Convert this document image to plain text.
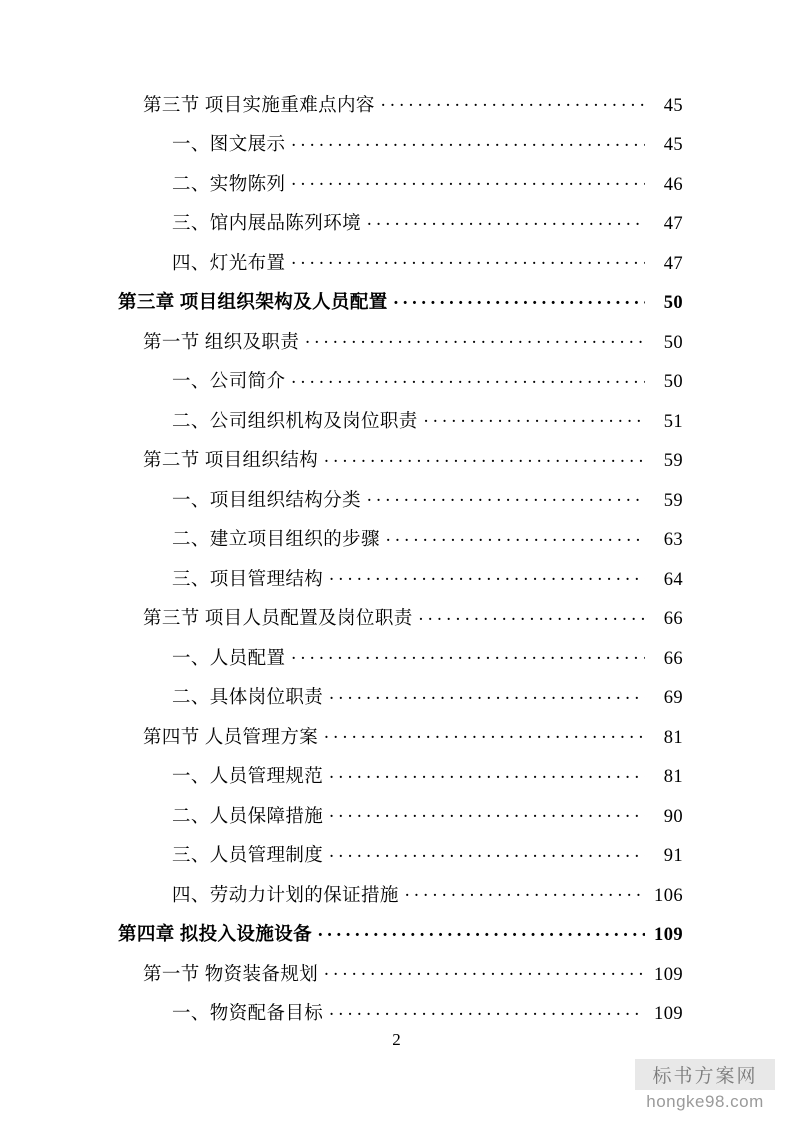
第三节 项目实施重难点内容 . . .	45
一、图文展示 . . .	45
二、实物陈列 . . .	46
三、馆内展品陈列环境 . . .	47
四、灯光布置 . . .	47
第三章 项目组织架构及人员配置 . . .	50
第一节 组织及职责 . . .	50
一、公司简介 . . .	50
二、公司组织机构及岗位职责 . . .	51
第二节 项目组织结构 . . .	59
一、项目组织结构分类 . . .	59
二、建立项目组织的步骤 . . .	63
三、项目管理结构 . . .	64
第三节 项目人员配置及岗位职责 . . .	66
一、人员配置 . . .	66
二、具体岗位职责 . . .	69
第四节 人员管理方案 . . .	81
一、人员管理规范 . . .	81
二、人员保障措施 . . .	90
三、人员管理制度 . . .	91
四、劳动力计划的保证措施 . . .	106
第四章 拟投入设施设备 . . .	109
第一节 物资装备规划 . . .	109
一、物资配备目标 . . .	109
2
标书方案网
hongke98.com
